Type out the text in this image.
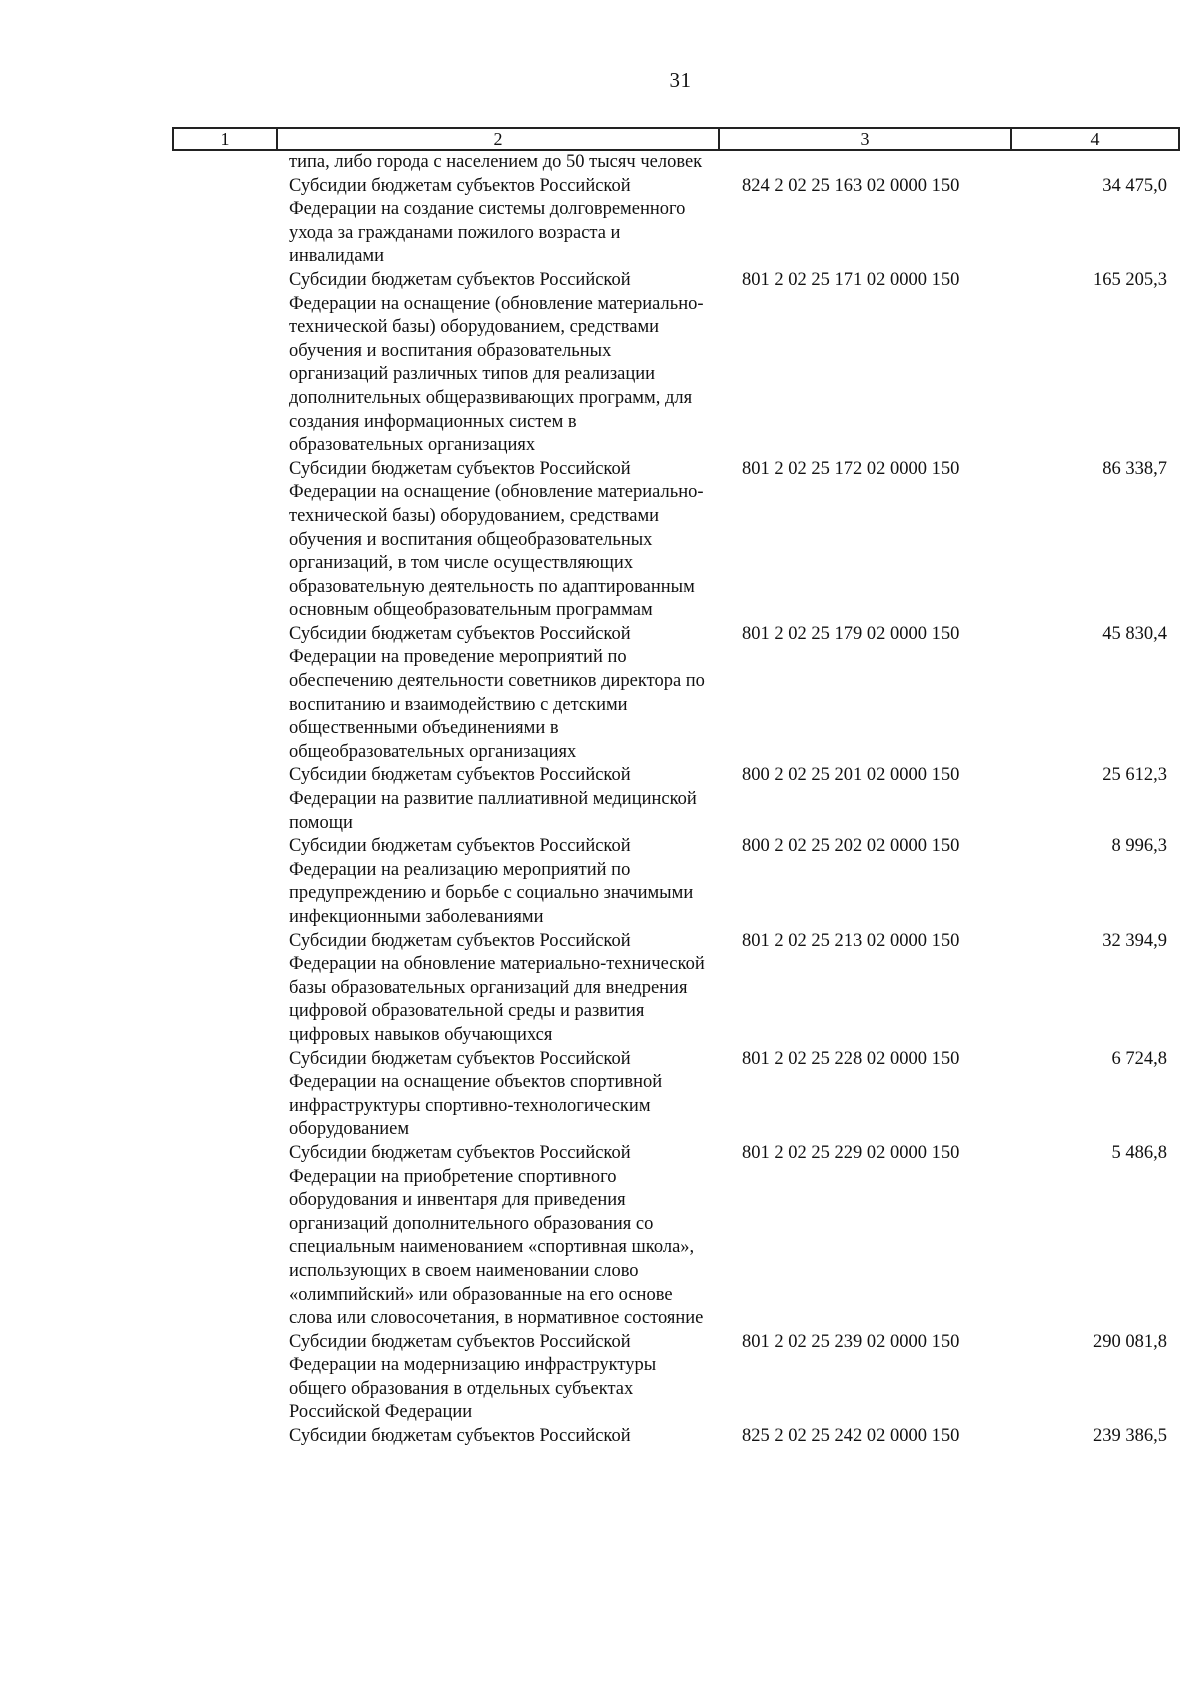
31
1	2	3	4
	типа, либо города с населением до 50 тысяч человек		
	Субсидии бюджетам субъектов Российской Федерации на создание системы долговременного ухода за гражданами пожилого возраста и инвалидами	824 2 02 25 163 02 0000 150	34 475,0
	Субсидии бюджетам субъектов Российской Федерации на оснащение (обновление материально-технической базы) оборудованием, средствами обучения и воспитания образовательных организаций различных типов для реализации дополнительных общеразвивающих программ, для создания информационных систем в образовательных организациях	801 2 02 25 171 02 0000 150	165 205,3
	Субсидии бюджетам субъектов Российской Федерации на оснащение (обновление материально-технической базы) оборудованием, средствами обучения и воспитания общеобразовательных организаций, в том числе осуществляющих образовательную деятельность по адаптированным основным общеобразовательным программам	801 2 02 25 172 02 0000 150	86 338,7
	Субсидии бюджетам субъектов Российской Федерации на проведение мероприятий по обеспечению деятельности советников директора по воспитанию и взаимодействию с детскими общественными объединениями в общеобразовательных организациях	801 2 02 25 179 02 0000 150	45 830,4
	Субсидии бюджетам субъектов Российской Федерации на развитие паллиативной медицинской помощи	800 2 02 25 201 02 0000 150	25 612,3
	Субсидии бюджетам субъектов Российской Федерации на реализацию мероприятий по предупреждению и борьбе с социально значимыми инфекционными заболеваниями	800 2 02 25 202 02 0000 150	8 996,3
	Субсидии бюджетам субъектов Российской Федерации на обновление материально-технической базы образовательных организаций для внедрения цифровой образовательной среды и развития цифровых навыков обучающихся	801 2 02 25 213 02 0000 150	32 394,9
	Субсидии бюджетам субъектов Российской Федерации на оснащение объектов спортивной инфраструктуры спортивно-технологическим оборудованием	801 2 02 25 228 02 0000 150	6 724,8
	Субсидии бюджетам субъектов Российской Федерации на приобретение спортивного оборудования и инвентаря для приведения организаций дополнительного образования со специальным наименованием «спортивная школа», использующих в своем наименовании слово «олимпийский» или образованные на его основе слова или словосочетания, в нормативное состояние	801 2 02 25 229 02 0000 150	5 486,8
	Субсидии бюджетам субъектов Российской Федерации на модернизацию инфраструктуры общего образования в отдельных субъектах Российской Федерации	801 2 02 25 239 02 0000 150	290 081,8
	Субсидии бюджетам субъектов Российской	825 2 02 25 242 02 0000 150	239 386,5
